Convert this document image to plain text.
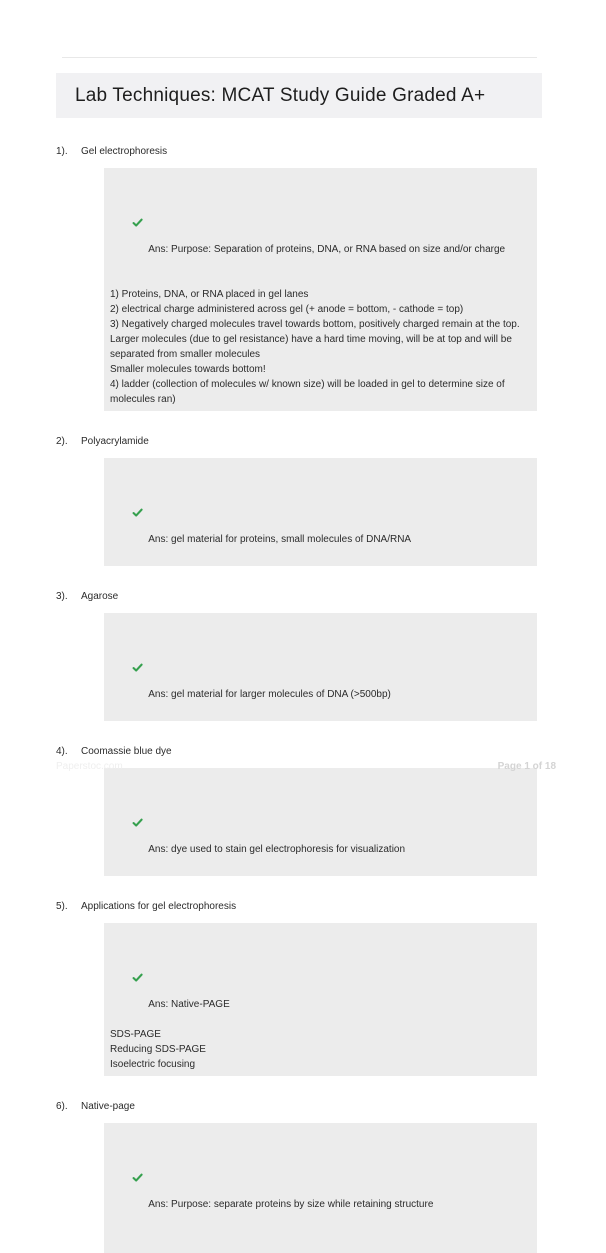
Lab Techniques: MCAT Study Guide Graded A+
1).	Gel electrophoresis

Ans: Purpose: Separation of proteins, DNA, or RNA based on size and/or charge

1) Proteins, DNA, or RNA placed in gel lanes
2) electrical charge administered across gel (+ anode = bottom, - cathode = top)
3) Negatively charged molecules travel towards bottom, positively charged remain at the top.
Larger molecules (due to gel resistance) have a hard time moving, will be at top and will be separated from smaller molecules
Smaller molecules towards bottom!
4) ladder (collection of molecules w/ known size) will be loaded in gel to determine size of molecules ran)
2).	Polyacrylamide

Ans: gel material for proteins, small molecules of DNA/RNA

3).	Agarose

Ans: gel material for larger molecules of DNA (>500bp)

4).	Coomassie blue dye

Ans: dye used to stain gel electrophoresis for visualization

5).	Applications for gel electrophoresis

Ans: Native-PAGE

SDS-PAGE
Reducing SDS-PAGE
Isoelectric focusing
6).	Native-page

Ans: Purpose: separate proteins by size while retaining structure

Paperstoc.com	Page 1 of 18
